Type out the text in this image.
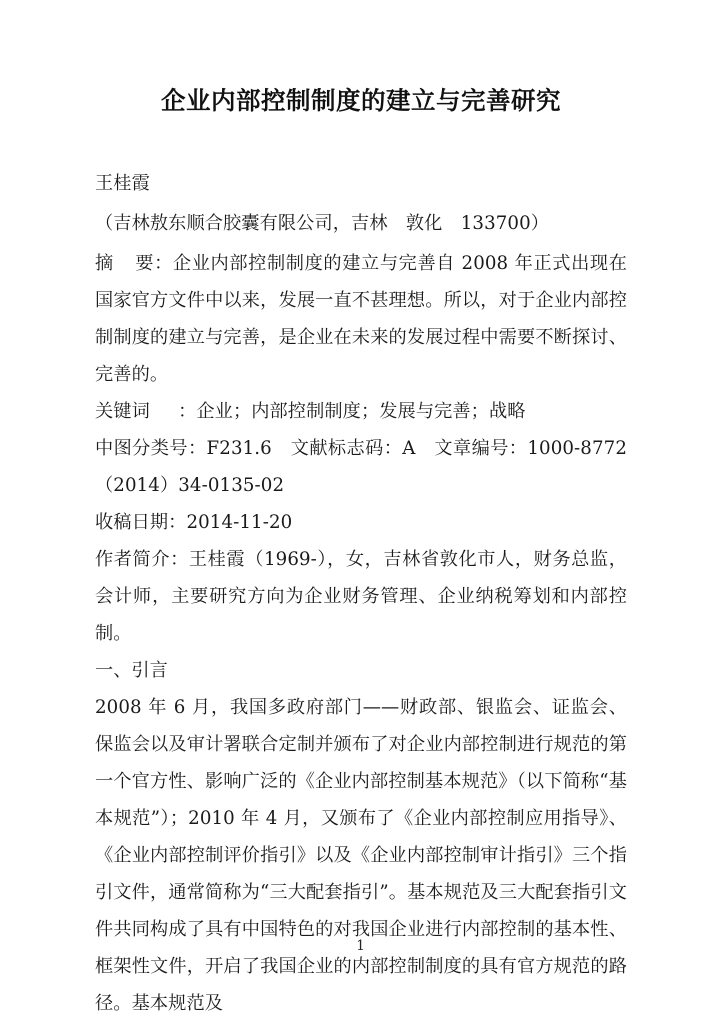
企业内部控制制度的建立与完善研究

王桂霞

（吉林敖东顺合胶囊有限公司，吉林　敦化　133700）

摘 要：企业内部控制制度的建立与完善自 2008 年正式出现在国家官方文件中以来，发展一直不甚理想。所以，对于企业内部控制制度的建立与完善，是企业在未来的发展过程中需要不断探讨、完善的。

关键词 ：企业；内部控制制度；发展与完善；战略

中图分类号：F231.6　文献标志码：A　文章编号：1000-8772（2014）34-0135-02

收稿日期：2014-11-20

作者简介：王桂霞（1969-），女，吉林省敦化市人，财务总监，会计师，主要研究方向为企业财务管理、企业纳税筹划和内部控制。

一、引言

2008 年 6 月，我国多政府部门——财政部、银监会、证监会、保监会以及审计署联合定制并颁布了对企业内部控制进行规范的第一个官方性、影响广泛的《企业内部控制基本规范》（以下简称“基本规范”）；2010 年 4 月，又颁布了《企业内部控制应用指导》、《企业内部控制评价指引》以及《企业内部控制审计指引》三个指引文件，通常简称为“三大配套指引”。基本规范及三大配套指引文件共同构成了具有中国特色的对我国企业进行内部控制的基本性、框架性文件，开启了我国企业的内部控制制度的具有官方规范的路径。基本规范及

1
